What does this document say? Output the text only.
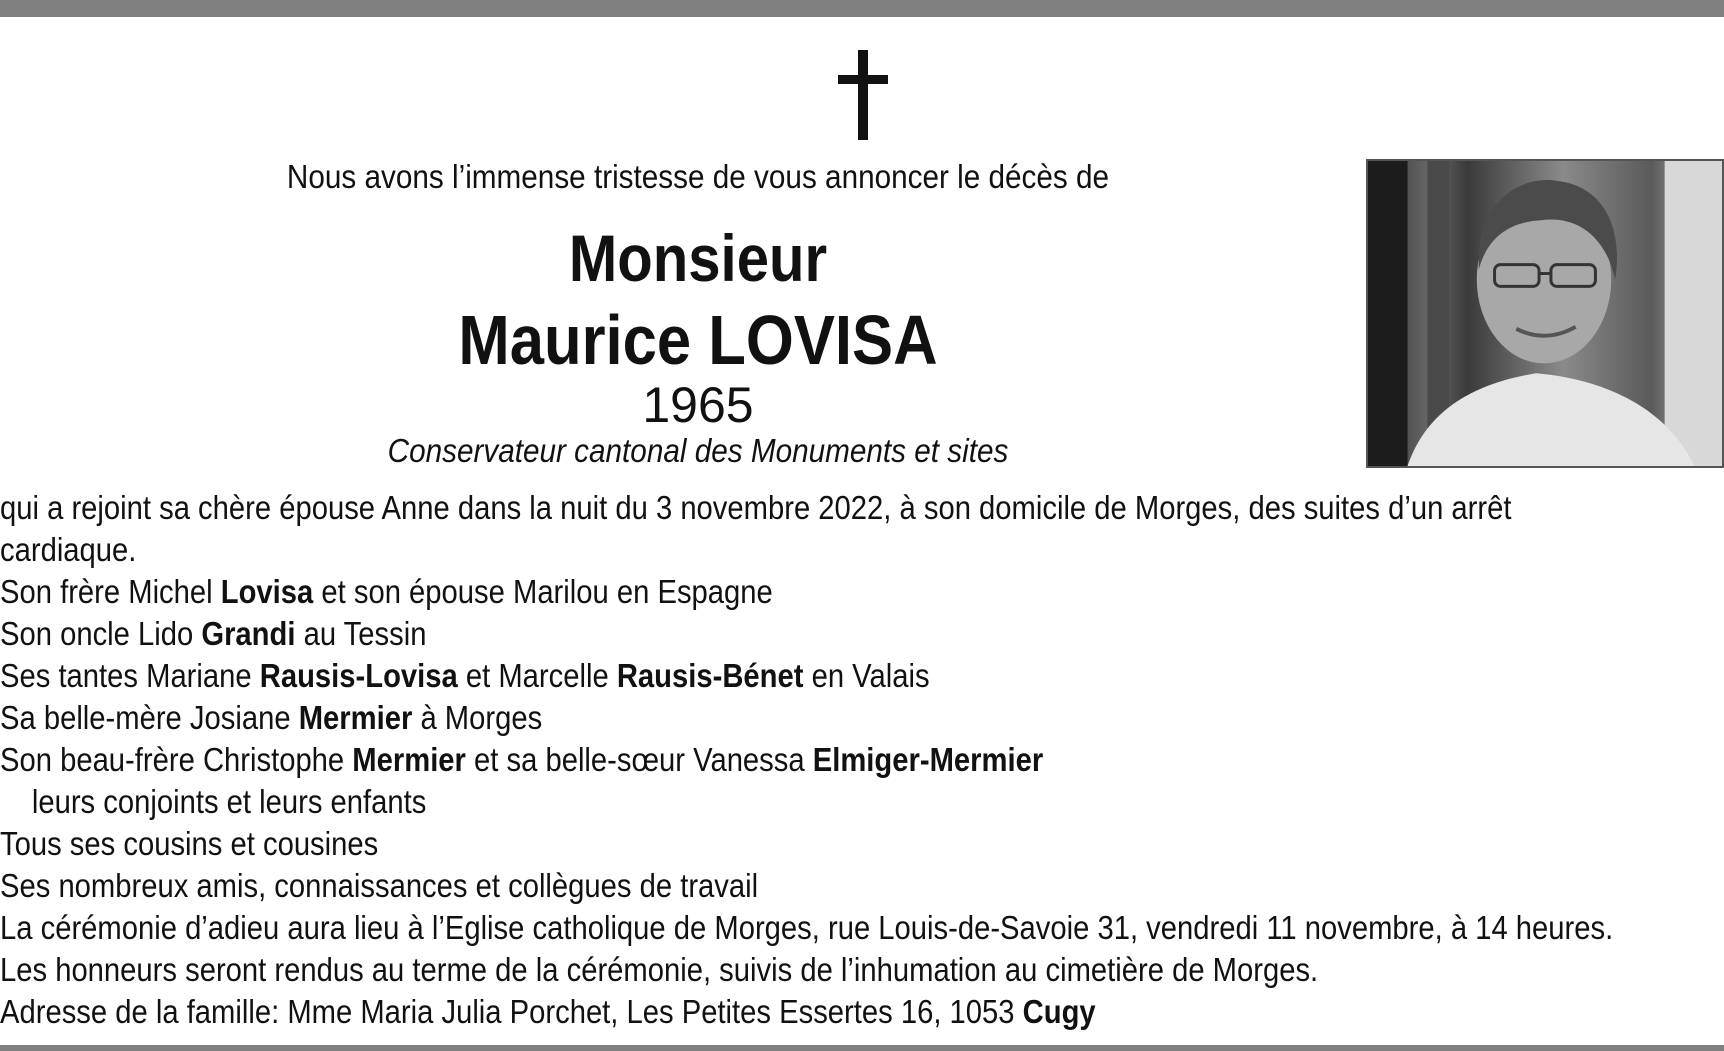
Nous avons l’immense tristesse de vous annoncer le décès de
Monsieur
Maurice LOVISA
1965
Conservateur cantonal des Monuments et sites
qui a rejoint sa chère épouse Anne dans la nuit du 3 novembre 2022, à son domicile de Morges, des suites d’un arrêt
cardiaque.
Son frère Michel Lovisa et son épouse Marilou en Espagne
Son oncle Lido Grandi au Tessin
Ses tantes Mariane Rausis-Lovisa et Marcelle Rausis-Bénet en Valais
Sa belle-mère Josiane Mermier à Morges
Son beau-frère Christophe Mermier et sa belle-sœur Vanessa Elmiger-Mermier
leurs conjoints et leurs enfants
Tous ses cousins et cousines
Ses nombreux amis, connaissances et collègues de travail
La cérémonie d’adieu aura lieu à l’Eglise catholique de Morges, rue Louis-de-Savoie 31, vendredi 11 novembre, à 14 heures.
Les honneurs seront rendus au terme de la cérémonie, suivis de l’inhumation au cimetière de Morges.
Adresse de la famille: Mme Maria Julia Porchet, Les Petites Essertes 16, 1053 Cugy
